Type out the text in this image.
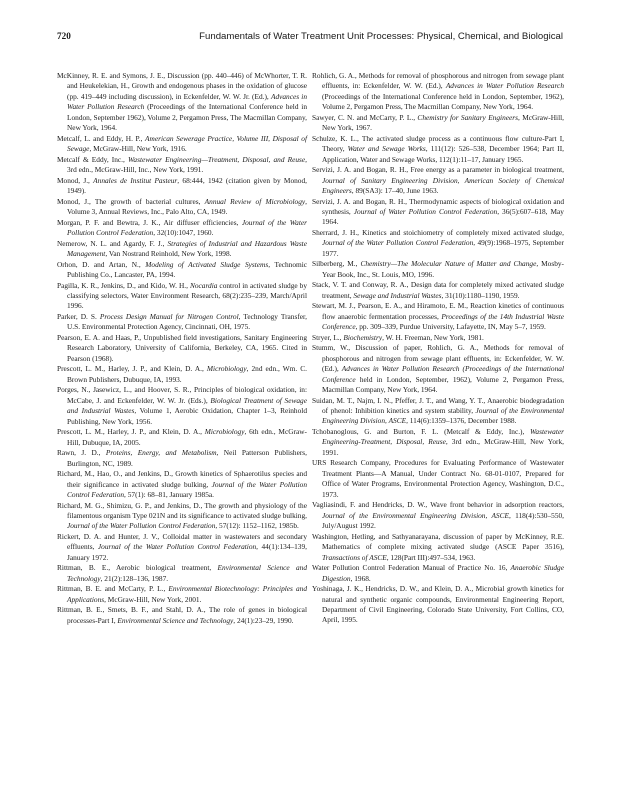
720	Fundamentals of Water Treatment Unit Processes: Physical, Chemical, and Biological

McKinney, R. E. and Symons, J. E., Discussion (pp. 440–446) of McWhorter, T. R. and Heukelekian, H., Growth and endogenous phases in the oxidation of glucose (pp. 419–449 including discussion), in Eckenfelder, W. W. Jr. (Ed.), Advances in Water Pollution Research (Proceedings of the International Conference held in London, September 1962), Volume 2, Pergamon Press, The Macmillan Company, New York, 1964.

Metcalf, L. and Eddy, H. P., American Sewerage Practice, Volume III, Disposal of Sewage, McGraw-Hill, New York, 1916.

Metcalf & Eddy, Inc., Wastewater Engineering—Treatment, Disposal, and Reuse, 3rd edn., McGraw-Hill, Inc., New York, 1991.

Monod, J., Annales de Institut Pasteur, 68:444, 1942 (citation given by Monod, 1949).

Monod, J., The growth of bacterial cultures, Annual Review of Microbiology, Volume 3, Annual Reviews, Inc., Palo Alto, CA, 1949.

Morgan, P. F. and Bewtra, J. K., Air diffuser efficiencies, Journal of the Water Pollution Control Federation, 32(10):1047, 1960.

Nemerow, N. L. and Agardy, F. J., Strategies of Industrial and Hazardous Waste Management, Van Nostrand Reinhold, New York, 1998.

Orhon, D. and Artan, N., Modeling of Activated Sludge Systems, Technomic Publishing Co., Lancaster, PA, 1994.

Pagilla, K. R., Jenkins, D., and Kido, W. H., Nocardia control in activated sludge by classifying selectors, Water Environment Research, 68(2):235–239, March/April 1996.

Parker, D. S. Process Design Manual for Nitrogen Control, Technology Transfer, U.S. Environmental Protection Agency, Cincinnati, OH, 1975.

Pearson, E. A. and Haas, P., Unpublished field investigations, Sanitary Engineering Research Laboratory, University of California, Berkeley, CA, 1965. Cited in Pearson (1968).

Prescott, L. M., Harley, J. P., and Klein, D. A., Microbiology, 2nd edn., Wm. C. Brown Publishers, Dubuque, IA, 1993.

Porges, N., Jasewicz, L., and Hoover, S. R., Principles of biological oxidation, in: McCabe, J. and Eckenfelder, W. W. Jr. (Eds.), Biological Treatment of Sewage and Industrial Wastes, Volume 1, Aerobic Oxidation, Chapter 1–3, Reinhold Publishing, New York, 1956.

Prescott, L. M., Harley, J. P., and Klein, D. A., Microbiology, 6th edn., McGraw-Hill, Dubuque, IA, 2005.

Rawn, J. D., Proteins, Energy, and Metabolism, Neil Patterson Publishers, Burlington, NC, 1989.

Richard, M., Hao, O., and Jenkins, D., Growth kinetics of Sphaerotilus species and their significance in activated sludge bulking, Journal of the Water Pollution Control Federation, 57(1): 68–81, January 1985a.

Richard, M. G., Shimizu, G. P., and Jenkins, D., The growth and physiology of the filamentous organism Type 021N and its significance to activated sludge bulking, Journal of the Water Pollution Control Federation, 57(12): 1152–1162, 1985b.

Rickert, D. A. and Hunter, J. V., Colloidal matter in wastewaters and secondary effluents, Journal of the Water Pollution Control Federation, 44(1):134–139, January 1972.

Rittman, B. E., Aerobic biological treatment, Environmental Science and Technology, 21(2):128–136, 1987.

Rittman, B. E. and McCarty, P. L., Environmental Biotechnology: Principles and Applications, McGraw-Hill, New York, 2001.

Rittman, B. E., Smets, B. F., and Stahl, D. A., The role of genes in biological processes-Part I, Environmental Science and Technology, 24(1):23–29, 1990.

Rohlich, G. A., Methods for removal of phosphorous and nitrogen from sewage plant effluents, in: Eckenfelder, W. W. (Ed.), Advances in Water Pollution Research (Proceedings of the International Conference held in London, September, 1962), Volume 2, Pergamon Press, The Macmillan Company, New York, 1964.

Sawyer, C. N. and McCarty, P. L., Chemistry for Sanitary Engineers, McGraw-Hill, New York, 1967.

Schulze, K. L., The activated sludge process as a continuous flow culture-Part I, Theory, Water and Sewage Works, 111(12): 526–538, December 1964; Part II, Application, Water and Sewage Works, 112(1):11–17, January 1965.

Servizi, J. A. and Bogan, R. H., Free energy as a parameter in biological treatment, Journal of Sanitary Engineering Division, American Society of Chemical Engineers, 89(SA3): 17–40, June 1963.

Servizi, J. A. and Bogan, R. H., Thermodynamic aspects of biological oxidation and synthesis, Journal of Water Pollution Control Federation, 36(5):607–618, May 1964.

Sherrard, J. H., Kinetics and stoichiometry of completely mixed activated sludge, Journal of the Water Pollution Control Federation, 49(9):1968–1975, September 1977.

Silberberg, M., Chemistry—The Molecular Nature of Matter and Change, Mosby-Year Book, Inc., St. Louis, MO, 1996.

Stack, V. T. and Conway, R. A., Design data for completely mixed activated sludge treatment, Sewage and Industrial Wastes, 31(10):1180–1190, 1959.

Stewart, M. J., Pearson, E. A., and Hiramoto, E. M., Reaction kinetics of continuous flow anaerobic fermentation processes, Proceedings of the 14th Industrial Waste Conference, pp. 309–339, Purdue University, Lafayette, IN, May 5–7, 1959.

Stryer, L., Biochemistry, W. H. Freeman, New York, 1981.

Stumm, W., Discussion of paper, Rohlich, G. A., Methods for removal of phosphorous and nitrogen from sewage plant effluents, in: Eckenfelder, W. W. (Ed.), Advances in Water Pollution Research (Proceedings of the International Conference held in London, September, 1962), Volume 2, Pergamon Press, Macmillan Company, New York, 1964.

Suidan, M. T., Najm, I. N., Pfeffer, J. T., and Wang, Y. T., Anaerobic biodegradation of phenol: Inhibition kinetics and system stability, Journal of the Environmental Engineering Division, ASCE, 114(6):1359–1376, December 1988.

Tchobanoglous, G. and Burton, F. L. (Metcalf & Eddy, Inc.), Wastewater Engineering-Treatment, Disposal, Reuse, 3rd edn., McGraw-Hill, New York, 1991.

URS Research Company, Procedures for Evaluating Performance of Wastewater Treatment Plants—A Manual, Under Contract No. 68-01-0107, Prepared for Office of Water Programs, Environmental Protection Agency, Washington, D.C., 1973.

Vagliasindi, F. and Hendricks, D. W., Wave front behavior in adsorption reactors, Journal of the Environmental Engineering Division, ASCE, 118(4):530–550, July/August 1992.

Washington, Hetling, and Sathyanarayana, discussion of paper by McKinney, R.E. Mathematics of complete mixing activated sludge (ASCE Paper 3516), Transactions of ASCE, 128(Part III):497–534, 1963.

Water Pollution Control Federation Manual of Practice No. 16, Anaerobic Sludge Digestion, 1968.

Yoshinaga, J. K., Hendricks, D. W., and Klein, D. A., Microbial growth kinetics for natural and synthetic organic compounds, Environmental Engineering Report, Department of Civil Engineering, Colorado State University, Fort Collins, CO, April, 1995.
